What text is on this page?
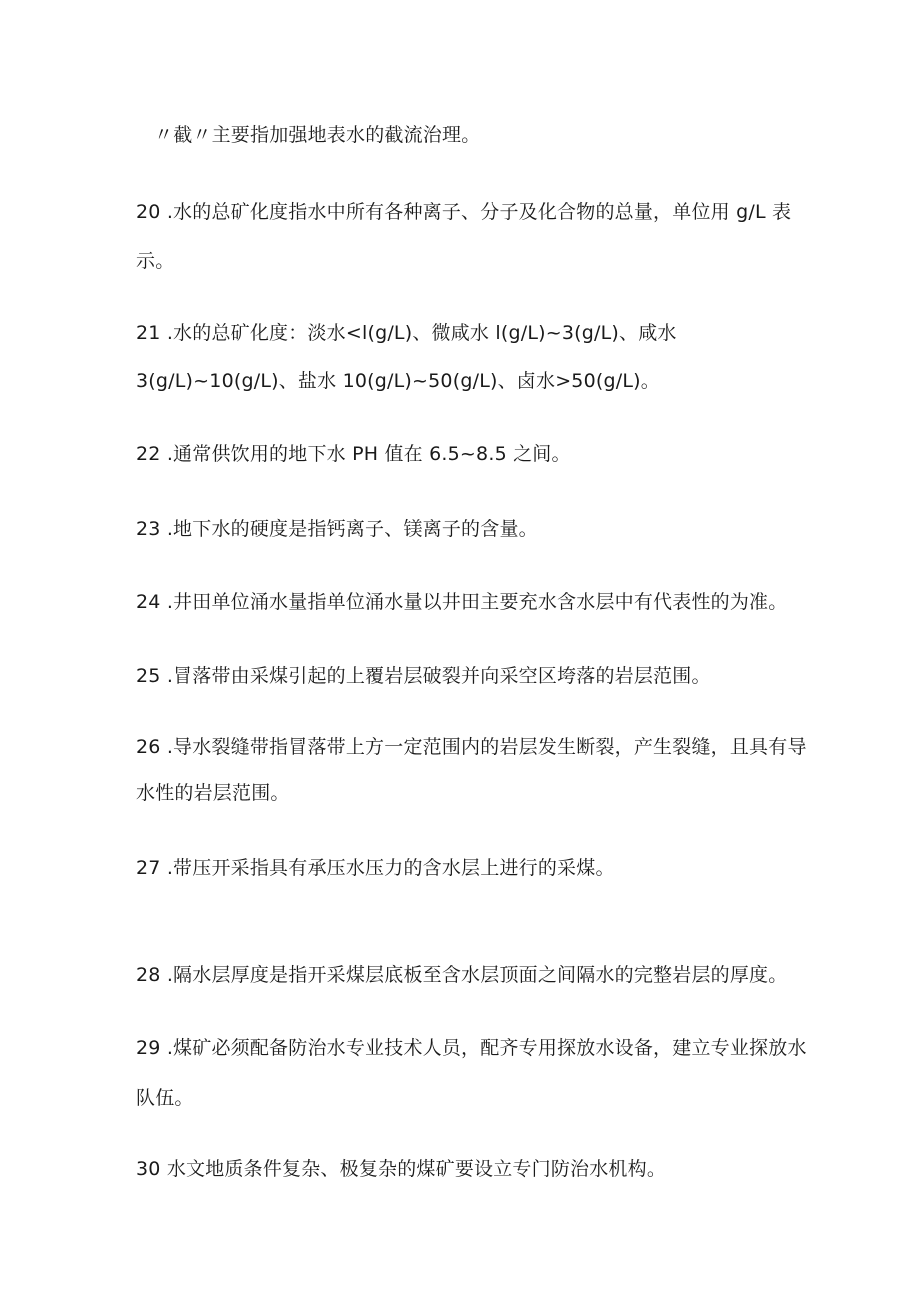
〃截〃主要指加强地表水的截流治理。
20 .水的总矿化度指水中所有各种离子、分子及化合物的总量，单位用 g/L 表
示。
21 .水的总矿化度：淡水<l(g/L)、微咸水 l(g/L)~3(g/L)、咸水
3(g/L)~10(g/L)、盐水 10(g/L)~50(g/L)、卤水>50(g/L)。
22 .通常供饮用的地下水 PH 值在 6.5~8.5 之间。
23 .地下水的硬度是指钙离子、镁离子的含量。
24 .井田单位涌水量指单位涌水量以井田主要充水含水层中有代表性的为准。
25 .冒落带由采煤引起的上覆岩层破裂并向采空区垮落的岩层范围。
26 .导水裂缝带指冒落带上方一定范围内的岩层发生断裂，产生裂缝，且具有导
水性的岩层范围。
27 .带压开采指具有承压水压力的含水层上进行的采煤。
28 .隔水层厚度是指开采煤层底板至含水层顶面之间隔水的完整岩层的厚度。
29 .煤矿必须配备防治水专业技术人员，配齐专用探放水设备，建立专业探放水
队伍。
30 水文地质条件复杂、极复杂的煤矿要设立专门防治水机构。
